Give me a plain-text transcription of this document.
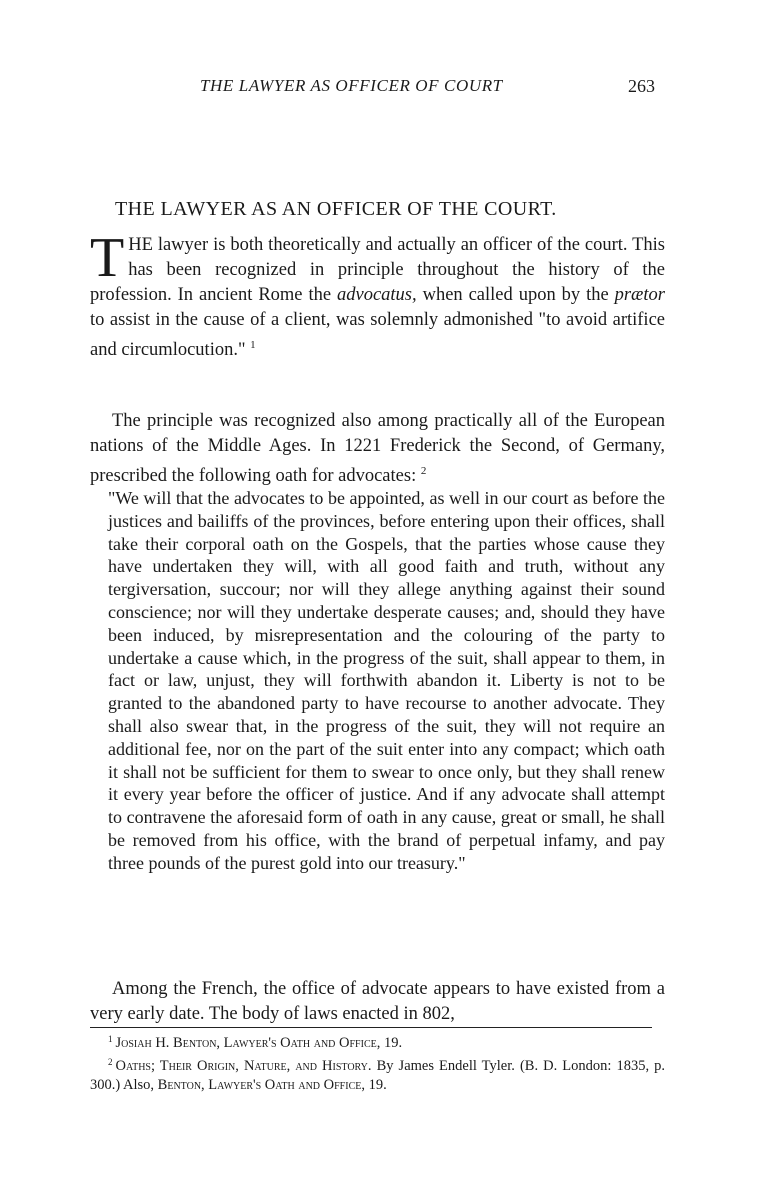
THE LAWYER AS OFFICER OF COURT	263
THE LAWYER AS AN OFFICER OF THE COURT.

THE lawyer is both theoretically and actually an officer of the court. This has been recognized in principle throughout the history of the profession. In ancient Rome the advocatus, when called upon by the prætor to assist in the cause of a client, was solemnly admonished "to avoid artifice and circumlocution." $^1$

The principle was recognized also among practically all of the European nations of the Middle Ages. In 1221 Frederick the Second, of Germany, prescribed the following oath for advocates: $^2$

"We will that the advocates to be appointed, as well in our court as before the justices and bailiffs of the provinces, before entering upon their offices, shall take their corporal oath on the Gospels, that the parties whose cause they have undertaken they will, with all good faith and truth, without any tergiversation, succour; nor will they allege anything against their sound conscience; nor will they undertake desperate causes; and, should they have been induced, by misrepresentation and the colouring of the party to undertake a cause which, in the progress of the suit, shall appear to them, in fact or law, unjust, they will forthwith abandon it. Liberty is not to be granted to the abandoned party to have recourse to another advocate. They shall also swear that, in the progress of the suit, they will not require an additional fee, nor on the part of the suit enter into any compact; which oath it shall not be sufficient for them to swear to once only, but they shall renew it every year before the officer of justice. And if any advocate shall attempt to contravene the aforesaid form of oath in any cause, great or small, he shall be removed from his office, with the brand of perpetual infamy, and pay three pounds of the purest gold into our treasury."

Among the French, the office of advocate appears to have existed from a very early date. The body of laws enacted in 802,

$^1$ Josiah H. Benton, Lawyer's Oath and Office, 19.

$^2$ Oaths; Their Origin, Nature, and History. By James Endell Tyler. (B. D. London: 1835, p. 300.) Also, Benton, Lawyer's Oath and Office, 19.
